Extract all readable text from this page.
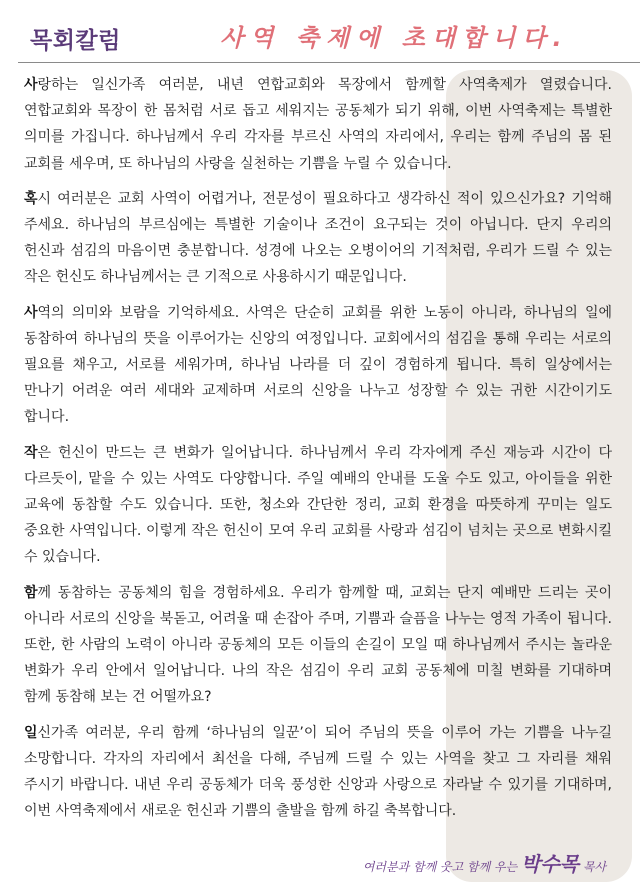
목회칼럼	사역 축제에 초대합니다.

사랑하는 일신가족 여러분, 내년 연합교회와 목장에서 함께할 사역축제가 열렸습니다. 연합교회와 목장이 한 몸처럼 서로 돕고 세워지는 공동체가 되기 위해, 이번 사역축제는 특별한 의미를 가집니다. 하나님께서 우리 각자를 부르신 사역의 자리에서, 우리는 함께 주님의 몸 된 교회를 세우며, 또 하나님의 사랑을 실천하는 기쁨을 누릴 수 있습니다.

혹시 여러분은 교회 사역이 어렵거나, 전문성이 필요하다고 생각하신 적이 있으신가요? 기억해 주세요. 하나님의 부르심에는 특별한 기술이나 조건이 요구되는 것이 아닙니다. 단지 우리의 헌신과 섬김의 마음이면 충분합니다. 성경에 나오는 오병이어의 기적처럼, 우리가 드릴 수 있는 작은 헌신도 하나님께서는 큰 기적으로 사용하시기 때문입니다.

사역의 의미와 보람을 기억하세요. 사역은 단순히 교회를 위한 노동이 아니라, 하나님의 일에 동참하여 하나님의 뜻을 이루어가는 신앙의 여정입니다. 교회에서의 섬김을 통해 우리는 서로의 필요를 채우고, 서로를 세워가며, 하나님 나라를 더 깊이 경험하게 됩니다. 특히 일상에서는 만나기 어려운 여러 세대와 교제하며 서로의 신앙을 나누고 성장할 수 있는 귀한 시간이기도 합니다.

작은 헌신이 만드는 큰 변화가 일어납니다. 하나님께서 우리 각자에게 주신 재능과 시간이 다 다르듯이, 맡을 수 있는 사역도 다양합니다. 주일 예배의 안내를 도울 수도 있고, 아이들을 위한 교육에 동참할 수도 있습니다. 또한, 청소와 간단한 정리, 교회 환경을 따뜻하게 꾸미는 일도 중요한 사역입니다. 이렇게 작은 헌신이 모여 우리 교회를 사랑과 섬김이 넘치는 곳으로 변화시킬 수 있습니다.

함께 동참하는 공동체의 힘을 경험하세요. 우리가 함께할 때, 교회는 단지 예배만 드리는 곳이 아니라 서로의 신앙을 북돋고, 어려울 때 손잡아 주며, 기쁨과 슬픔을 나누는 영적 가족이 됩니다. 또한, 한 사람의 노력이 아니라 공동체의 모든 이들의 손길이 모일 때 하나님께서 주시는 놀라운 변화가 우리 안에서 일어납니다. 나의 작은 섬김이 우리 교회 공동체에 미칠 변화를 기대하며 함께 동참해 보는 건 어떨까요?

일신가족 여러분, 우리 함께 ‘하나님의 일꾼’이 되어 주님의 뜻을 이루어 가는 기쁨을 나누길 소망합니다. 각자의 자리에서 최선을 다해, 주님께 드릴 수 있는 사역을 찾고 그 자리를 채워 주시기 바랍니다. 내년 우리 공동체가 더욱 풍성한 신앙과 사랑으로 자라날 수 있기를 기대하며, 이번 사역축제에서 새로운 헌신과 기쁨의 출발을 함께 하길 축복합니다.

여러분과 함께 웃고 함께 우는 박수목 목사
